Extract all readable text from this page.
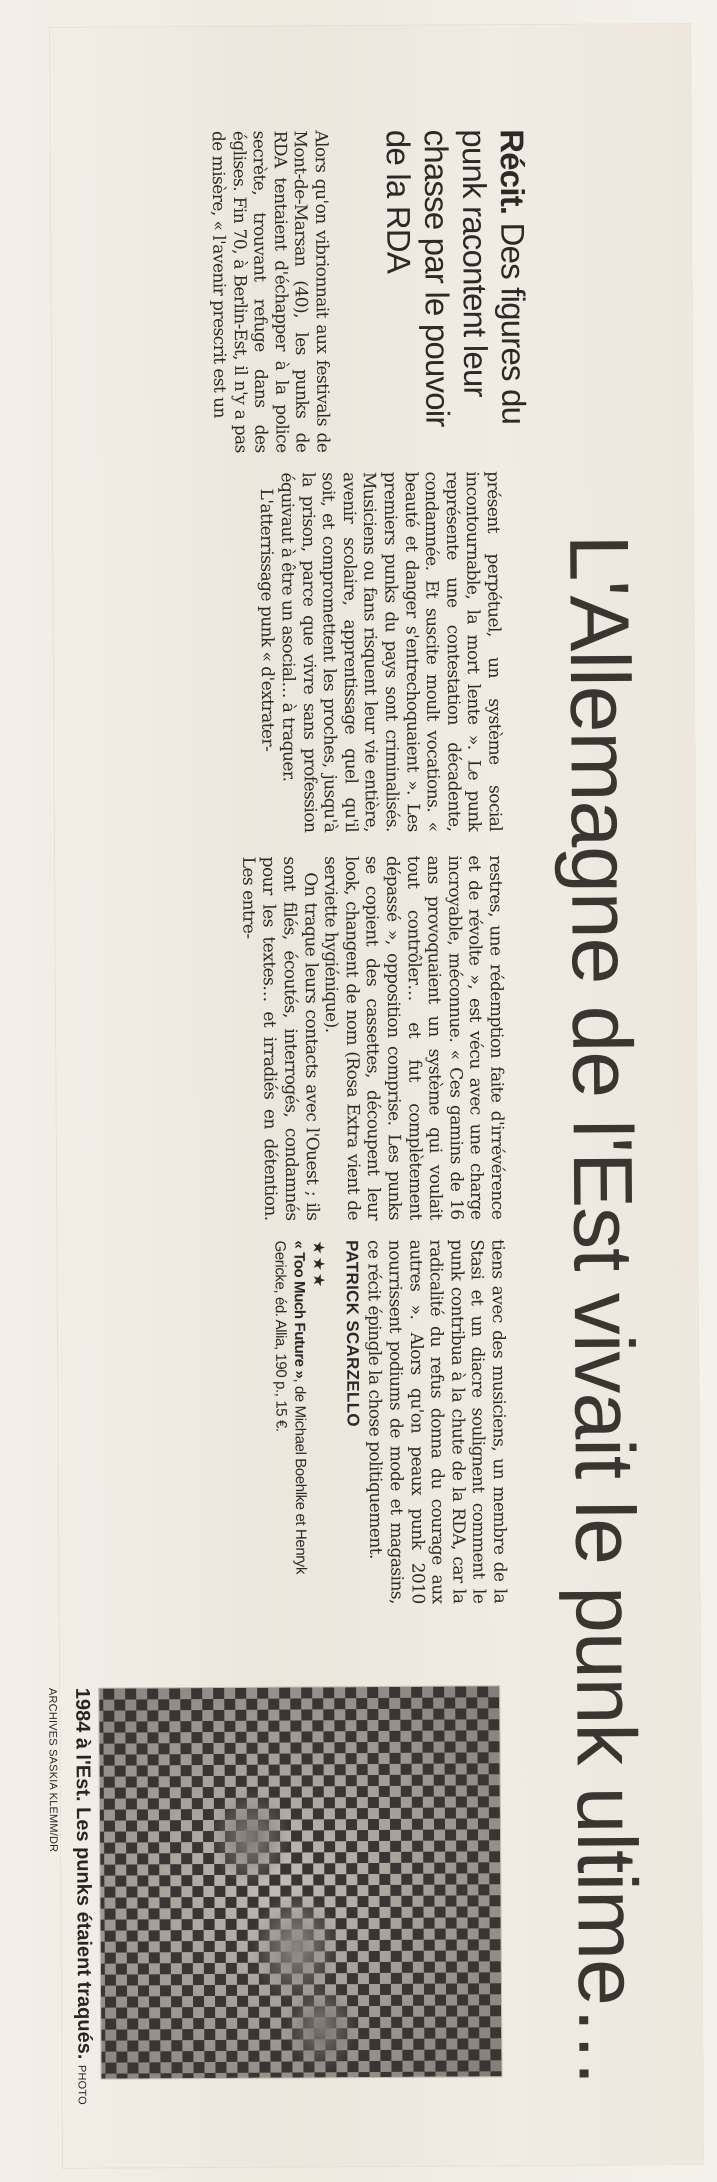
L'Allemagne de l'Est vivait le punk ultime…
Récit. Des figures du punk racontent leur chasse par le pouvoir de la RDA

Alors qu'on vibrionnait aux festivals de Mont-de-Marsan (40), les punks de RDA tentaient d'échapper à la police secrète, trouvant refuge dans des églises. Fin 70, à Berlin-Est, il n'y a pas de misère, « l'avenir prescrit est un

présent perpétuel, un système social incontournable, la mort lente ». Le punk représente une contestation décadente, condamnée. Et suscite moult vocations. « beauté et danger s'entrechoquaient ». Les premiers punks du pays sont criminalisés. Musiciens ou fans risquent leur vie entière, avenir scolaire, apprentissage quel qu'il soit, et compromettent les proches, jusqu'à la prison, parce que vivre sans profession équivaut à être un asocial… à traquer.

L'atterrissage punk « d'extrater-

restres, une rédemption faite d'irrévérence et de révolte », est vécu avec une charge incroyable, méconnue. « Ces gamins de 16 ans provoquaient un système qui voulait tout contrôler… et fut complètement dépassé », opposition comprise. Les punks se copient des cassettes, découpent leur look, changent de nom (Rosa Extra vient de serviette hygiénique).

On traque leurs contacts avec l'Ouest ; ils sont filés, écoutés, interrogés, condamnés pour les textes… et irradiés en détention. Les entre-

tiens avec des musiciens, un membre de la Stasi et un diacre soulignent comment le punk contribua à la chute de la RDA, car la radicalité du refus donna du courage aux autres ». Alors qu'on peaux punk 2010 nourrissent podiums de mode et magasins, ce récit épingle la chose politiquement.

PATRICK SCARZELLO
★★★
« Too Much Future », de Michael Boehlke et Henryk Gericke, éd. Allia, 190 p., 15 €.
1984 à l'Est. Les punks étaient traqués. PHOTO ARCHIVES SASKIA KLEMM/DR
